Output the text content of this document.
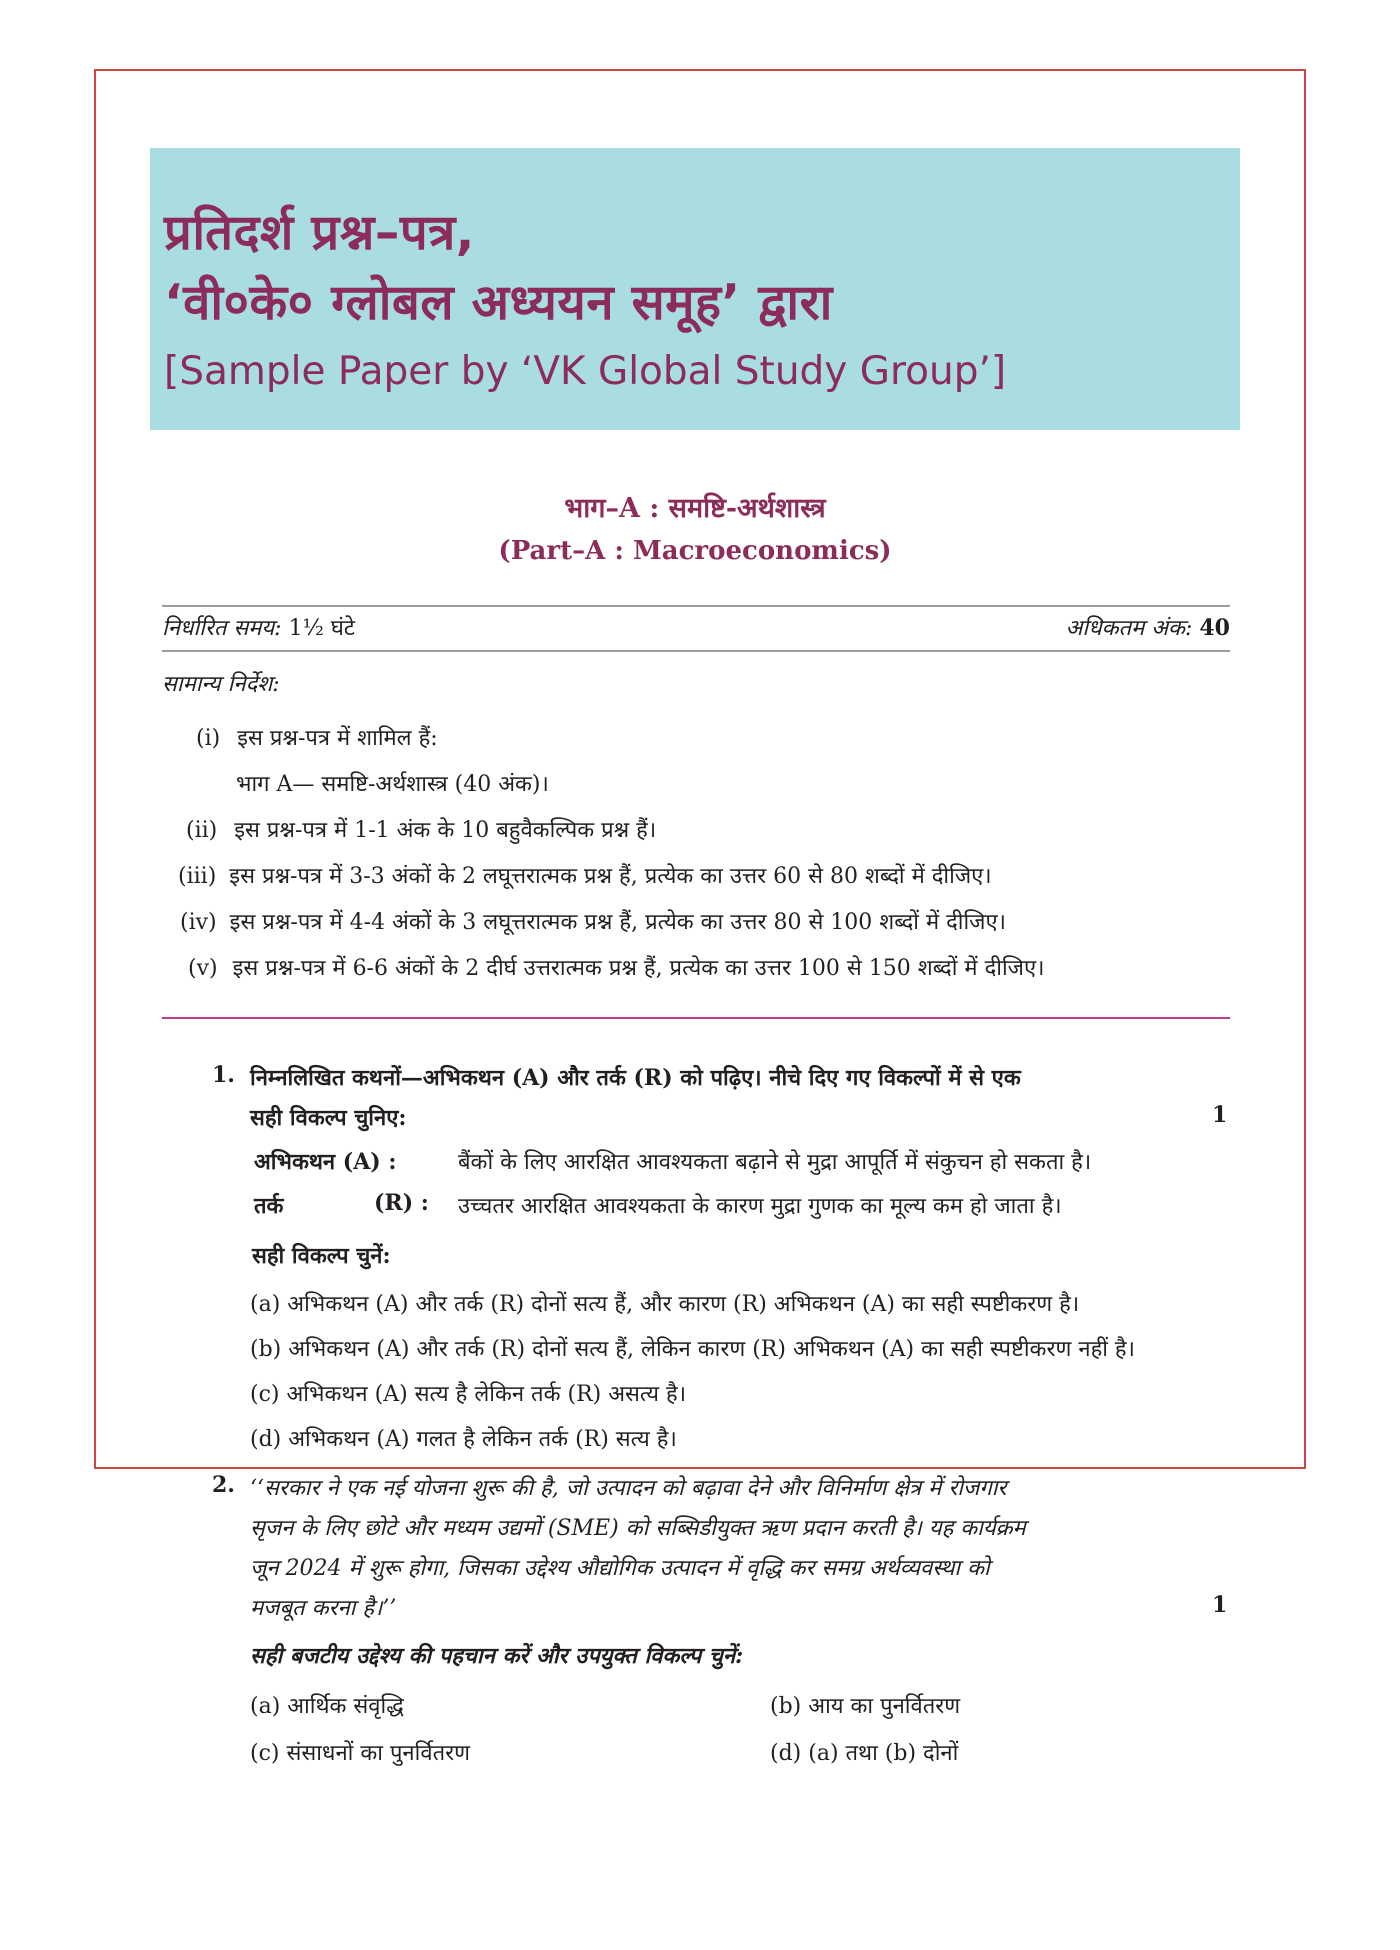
प्रतिदर्श प्रश्न–पत्र,
‘वी०के० ग्लोबल अध्ययन समूह’ द्वारा
[Sample Paper by ‘VK Global Study Group’]
भाग–A : समष्टि-अर्थशास्त्र
(Part–A : Macroeconomics)
निर्धारित समय: 1½ घंटे	अधिकतम अंक: 40
सामान्य निर्देश:
(i) इस प्रश्न-पत्र में शामिल हैं:
भाग A— समष्टि-अर्थशास्त्र (40 अंक)।
(ii) इस प्रश्न-पत्र में 1-1 अंक के 10 बहुवैकल्पिक प्रश्न हैं।
(iii) इस प्रश्न-पत्र में 3-3 अंकों के 2 लघूत्तरात्मक प्रश्न हैं, प्रत्येक का उत्तर 60 से 80 शब्दों में दीजिए।
(iv) इस प्रश्न-पत्र में 4-4 अंकों के 3 लघूत्तरात्मक प्रश्न हैं, प्रत्येक का उत्तर 80 से 100 शब्दों में दीजिए।
(v) इस प्रश्न-पत्र में 6-6 अंकों के 2 दीर्घ उत्तरात्मक प्रश्न हैं, प्रत्येक का उत्तर 100 से 150 शब्दों में दीजिए।
1. निम्नलिखित कथनों—अभिकथन (A) और तर्क (R) को पढ़िए। नीचे दिए गए विकल्पों में से एक
सही विकल्प चुनिए:	1
अभिकथन (A) :	बैंकों के लिए आरक्षित आवश्यकता बढ़ाने से मुद्रा आपूर्ति में संकुचन हो सकता है।
तर्क	(R) : उच्चतर आरक्षित आवश्यकता के कारण मुद्रा गुणक का मूल्य कम हो जाता है।
सही विकल्प चुनें:
(a) अभिकथन (A) और तर्क (R) दोनों सत्य हैं, और कारण (R) अभिकथन (A) का सही स्पष्टीकरण है।
(b) अभिकथन (A) और तर्क (R) दोनों सत्य हैं, लेकिन कारण (R) अभिकथन (A) का सही स्पष्टीकरण नहीं है।
(c) अभिकथन (A) सत्य है लेकिन तर्क (R) असत्य है।
(d) अभिकथन (A) गलत है लेकिन तर्क (R) सत्य है।
2. ‘‘सरकार ने एक नई योजना शुरू की है, जो उत्पादन को बढ़ावा देने और विनिर्माण क्षेत्र में रोजगार
सृजन के लिए छोटे और मध्यम उद्यमों (SME) को सब्सिडीयुक्त ऋण प्रदान करती है। यह कार्यक्रम
जून 2024 में शुरू होगा, जिसका उद्देश्य औद्योगिक उत्पादन में वृद्धि कर समग्र अर्थव्यवस्था को
मजबूत करना है।’’	1
सही बजटीय उद्देश्य की पहचान करें और उपयुक्त विकल्प चुनें:
(a) आर्थिक संवृद्धि	(b) आय का पुनर्वितरण
(c) संसाधनों का पुनर्वितरण	(d) (a) तथा (b) दोनों
